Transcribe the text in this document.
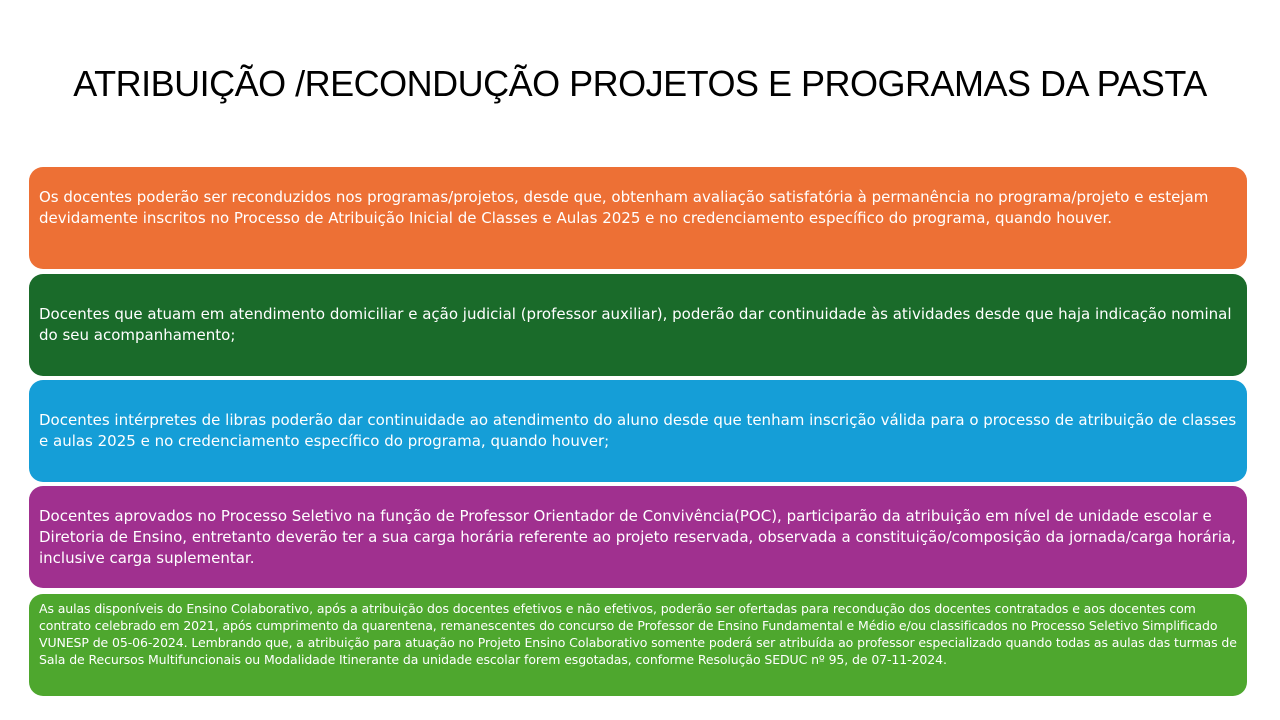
ATRIBUIÇÃO /RECONDUÇÃO PROJETOS E PROGRAMAS DA PASTA
Os docentes poderão ser reconduzidos nos programas/projetos, desde que, obtenham avaliação satisfatória à permanência no programa/projeto e estejam devidamente inscritos no Processo de Atribuição Inicial de Classes e Aulas 2025 e no credenciamento específico do programa, quando houver.
Docentes que atuam em atendimento domiciliar e ação judicial (professor auxiliar), poderão dar continuidade às atividades desde que haja indicação nominal do seu acompanhamento;
Docentes intérpretes de libras poderão dar continuidade ao atendimento do aluno desde que tenham inscrição válida para o processo de atribuição de classes e aulas 2025 e no credenciamento específico do programa, quando houver;
Docentes aprovados no Processo Seletivo na função de Professor Orientador de Convivência(POC), participarão da atribuição em nível de unidade escolar e Diretoria de Ensino, entretanto deverão ter a sua carga horária referente ao projeto reservada, observada a constituição/composição da jornada/carga horária, inclusive carga suplementar.
As aulas disponíveis do Ensino Colaborativo, após a atribuição dos docentes efetivos e não efetivos, poderão ser ofertadas para recondução dos docentes contratados e aos docentes com contrato celebrado em 2021, após cumprimento da quarentena, remanescentes do concurso de Professor de Ensino Fundamental e Médio e/ou classificados no Processo Seletivo Simplificado VUNESP de 05-06-2024. Lembrando que, a atribuição para atuação no Projeto Ensino Colaborativo somente poderá ser atribuída ao professor especializado quando todas as aulas das turmas de Sala de Recursos Multifuncionais ou Modalidade Itinerante da unidade escolar forem esgotadas, conforme Resolução SEDUC nº 95, de 07-11-2024.
